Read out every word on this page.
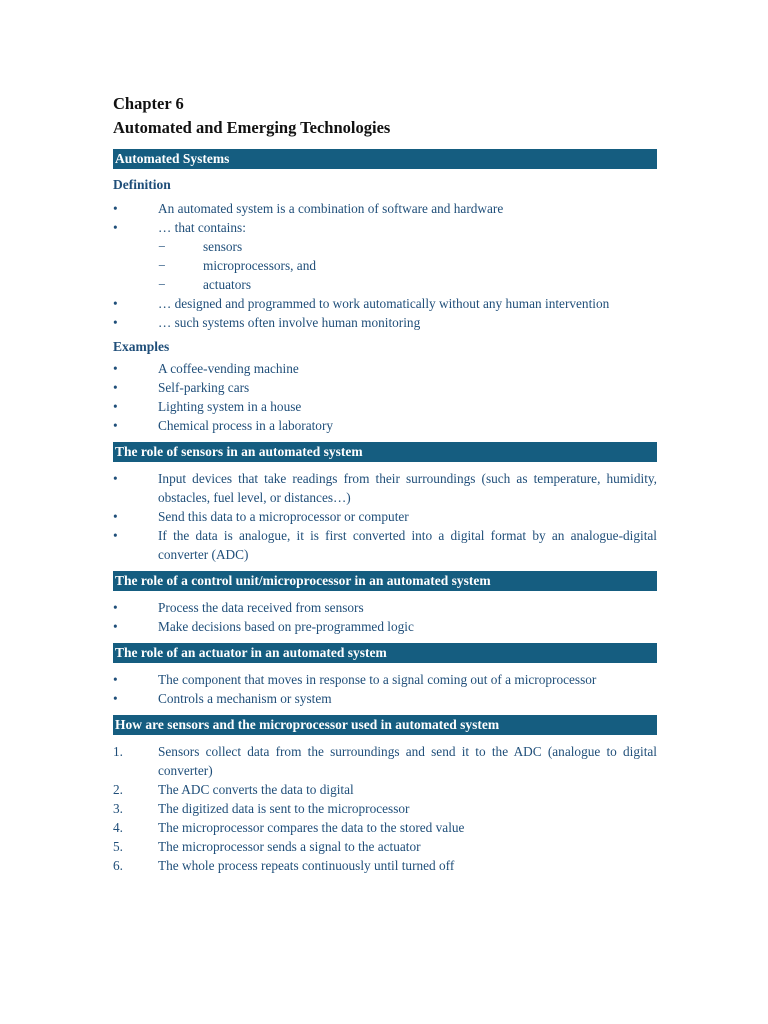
Chapter 6
Automated and Emerging Technologies
Automated Systems
Definition
•	An automated system is a combination of software and hardware
•	… that contains:
−	sensors
−	microprocessors, and
−	actuators
•	… designed and programmed to work automatically without any human intervention
•	… such systems often involve human monitoring
Examples
•	A coffee-vending machine
•	Self-parking cars
•	Lighting system in a house
•	Chemical process in a laboratory
The role of sensors in an automated system
•	Input devices that take readings from their surroundings (such as temperature, humidity, obstacles, fuel level, or distances…)
•	Send this data to a microprocessor or computer
•	If the data is analogue, it is first converted into a digital format by an analogue-digital converter (ADC)
The role of a control unit/microprocessor in an automated system
•	Process the data received from sensors
•	Make decisions based on pre-programmed logic
The role of an actuator in an automated system
•	The component that moves in response to a signal coming out of a microprocessor
•	Controls a mechanism or system
How are sensors and the microprocessor used in automated system
1.	Sensors collect data from the surroundings and send it to the ADC (analogue to digital converter)
2.	The ADC converts the data to digital
3.	The digitized data is sent to the microprocessor
4.	The microprocessor compares the data to the stored value
5.	The microprocessor sends a signal to the actuator
6.	The whole process repeats continuously until turned off
